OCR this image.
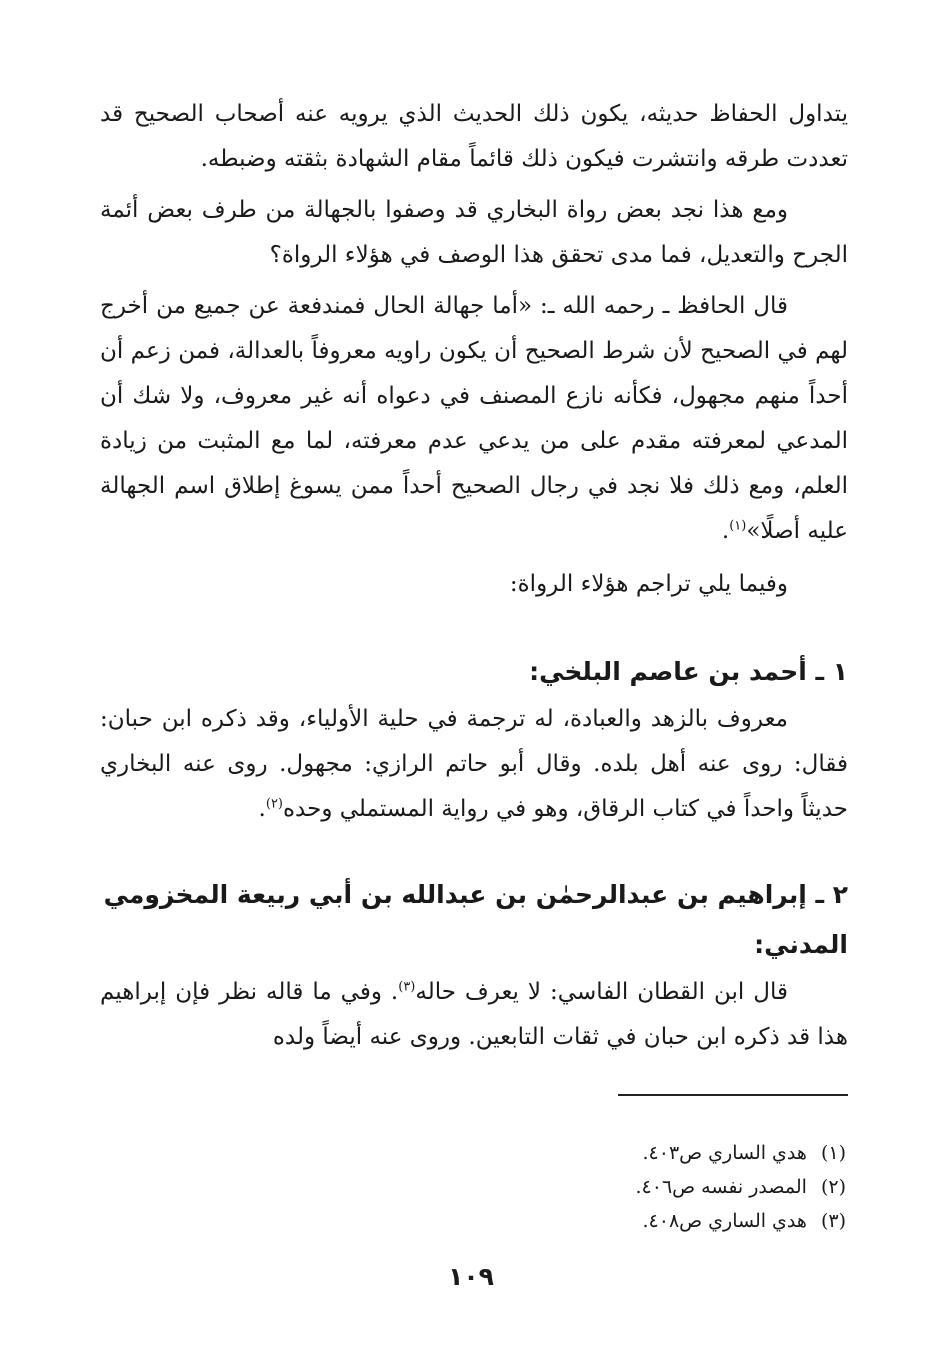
يتداول الحفاظ حديثه، يكون ذلك الحديث الذي يرويه عنه أصحاب الصحيح قد تعددت طرقه وانتشرت فيكون ذلك قائماً مقام الشهادة بثقته وضبطه.

ومع هذا نجد بعض رواة البخاري قد وصفوا بالجهالة من طرف بعض أئمة الجرح والتعديل، فما مدى تحقق هذا الوصف في هؤلاء الرواة؟

قال الحافظ ـ رحمه الله ـ: «أما جهالة الحال فمندفعة عن جميع من أخرج لهم في الصحيح لأن شرط الصحيح أن يكون راويه معروفاً بالعدالة، فمن زعم أن أحداً منهم مجهول، فكأنه نازع المصنف في دعواه أنه غير معروف، ولا شك أن المدعي لمعرفته مقدم على من يدعي عدم معرفته، لما مع المثبت من زيادة العلم، ومع ذلك فلا نجد في رجال الصحيح أحداً ممن يسوغ إطلاق اسم الجهالة عليه أصلًا»$^{(١)}$.

وفيما يلي تراجم هؤلاء الرواة:

١ ـ أحمد بن عاصم البلخي:

معروف بالزهد والعبادة، له ترجمة في حلية الأولياء، وقد ذكره ابن حبان: فقال: روى عنه أهل بلده. وقال أبو حاتم الرازي: مجهول. روى عنه البخاري حديثاً واحداً في كتاب الرقاق، وهو في رواية المستملي وحده$^{(٢)}$.

٢ ـ إبراهيم بن عبدالرحمٰن بن عبدالله بن أبي ربيعة المخزومي المدني:

قال ابن القطان الفاسي: لا يعرف حاله$^{(٣)}$. وفي ما قاله نظر فإن إبراهيم هذا قد ذكره ابن حبان في ثقات التابعين. وروى عنه أيضاً ولده

(١)هدي الساري ص٤٠٣.
(٢)المصدر نفسه ص٤٠٦.
(٣)هدي الساري ص٤٠٨.
١٠٩
